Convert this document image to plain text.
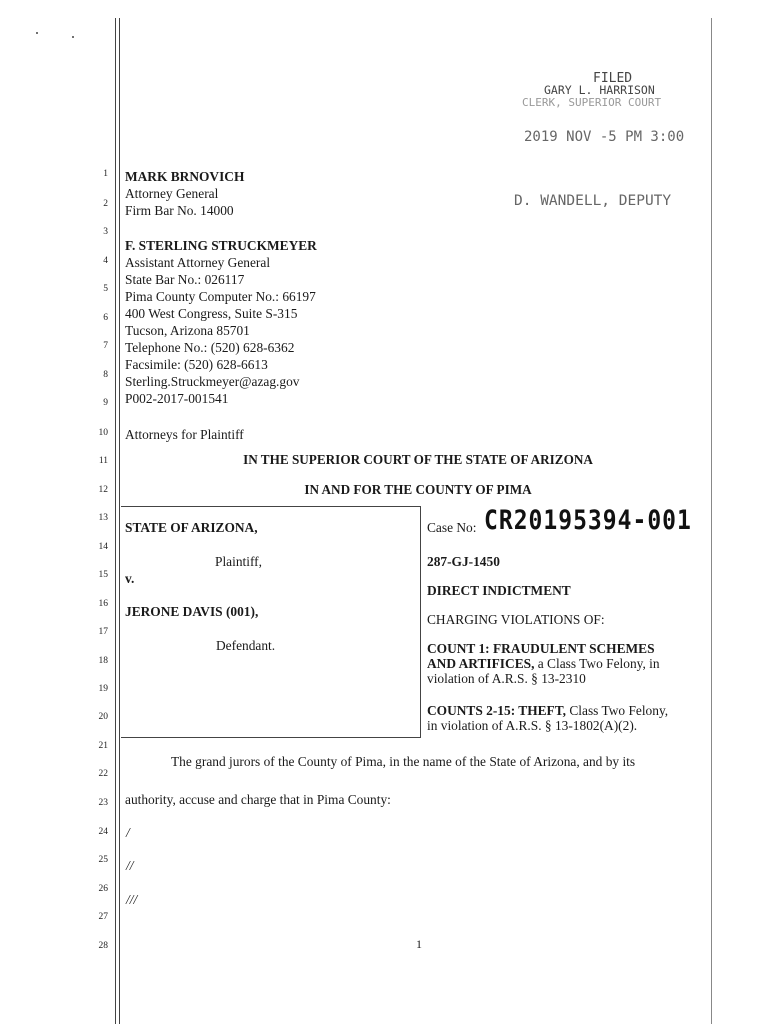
1
2
3
4
5
6
7
8
9
10
11
12
13
14
15
16
17
18
19
20
21
22
23
24
25
26
27
28
FILED
GARY L. HARRISON
CLERK, SUPERIOR COURT
2019 NOV -5 PM 3:00
D. WANDELL, DEPUTY
MARK BRNOVICH
Attorney General
Firm Bar No. 14000
F. STERLING STRUCKMEYER
Assistant Attorney General
State Bar No.: 026117
Pima County Computer No.: 66197
400 West Congress, Suite S-315
Tucson, Arizona 85701
Telephone No.: (520) 628-6362
Facsimile: (520) 628-6613
Sterling.Struckmeyer@azag.gov
P002-2017-001541
Attorneys for Plaintiff
IN THE SUPERIOR COURT OF THE STATE OF ARIZONA
IN AND FOR THE COUNTY OF PIMA
STATE OF ARIZONA,
Plaintiff,
v.
JERONE DAVIS (001),
Defendant.
Case No: CR20195394-001
287-GJ-1450
DIRECT INDICTMENT
CHARGING VIOLATIONS OF:
COUNT 1: FRAUDULENT SCHEMES
AND ARTIFICES, a Class Two Felony, in
violation of A.R.S. § 13-2310
COUNTS 2-15: THEFT, Class Two Felony,
in violation of A.R.S. § 13-1802(A)(2).
The grand jurors of the County of Pima, in the name of the State of Arizona, and by its
authority, accuse and charge that in Pima County:
/
//
///
1
